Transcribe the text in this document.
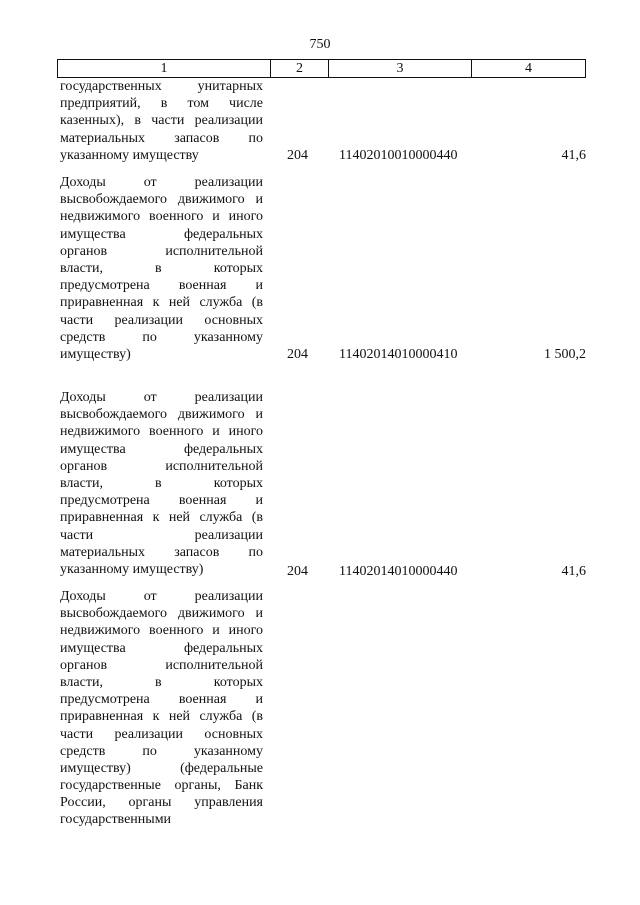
750
1	2	3	4
государственных унитарных
предприятий, в том числе
казенных), в части реализации
материальных запасов по
указанному имуществу	204 11402010010000440	41,6
Доходы от реализации
высвобождаемого движимого и
недвижимого военного и иного
имущества федеральных
органов исполнительной
власти, в которых
предусмотрена военная и
приравненная к ней служба (в
части реализации основных
средств по указанному
имуществу)	204 11402014010000410	1 500,2
Доходы от реализации
высвобождаемого движимого и
недвижимого военного и иного
имущества федеральных
органов исполнительной
власти, в которых
предусмотрена военная и
приравненная к ней служба (в
части реализации
материальных запасов по
указанному имуществу)	204 11402014010000440	41,6
Доходы от реализации
высвобождаемого движимого и
недвижимого военного и иного
имущества федеральных
органов исполнительной
власти, в которых
предусмотрена военная и
приравненная к ней служба (в
части реализации основных
средств по указанному
имуществу) (федеральные
государственные органы, Банк
России, органы управления
государственными
